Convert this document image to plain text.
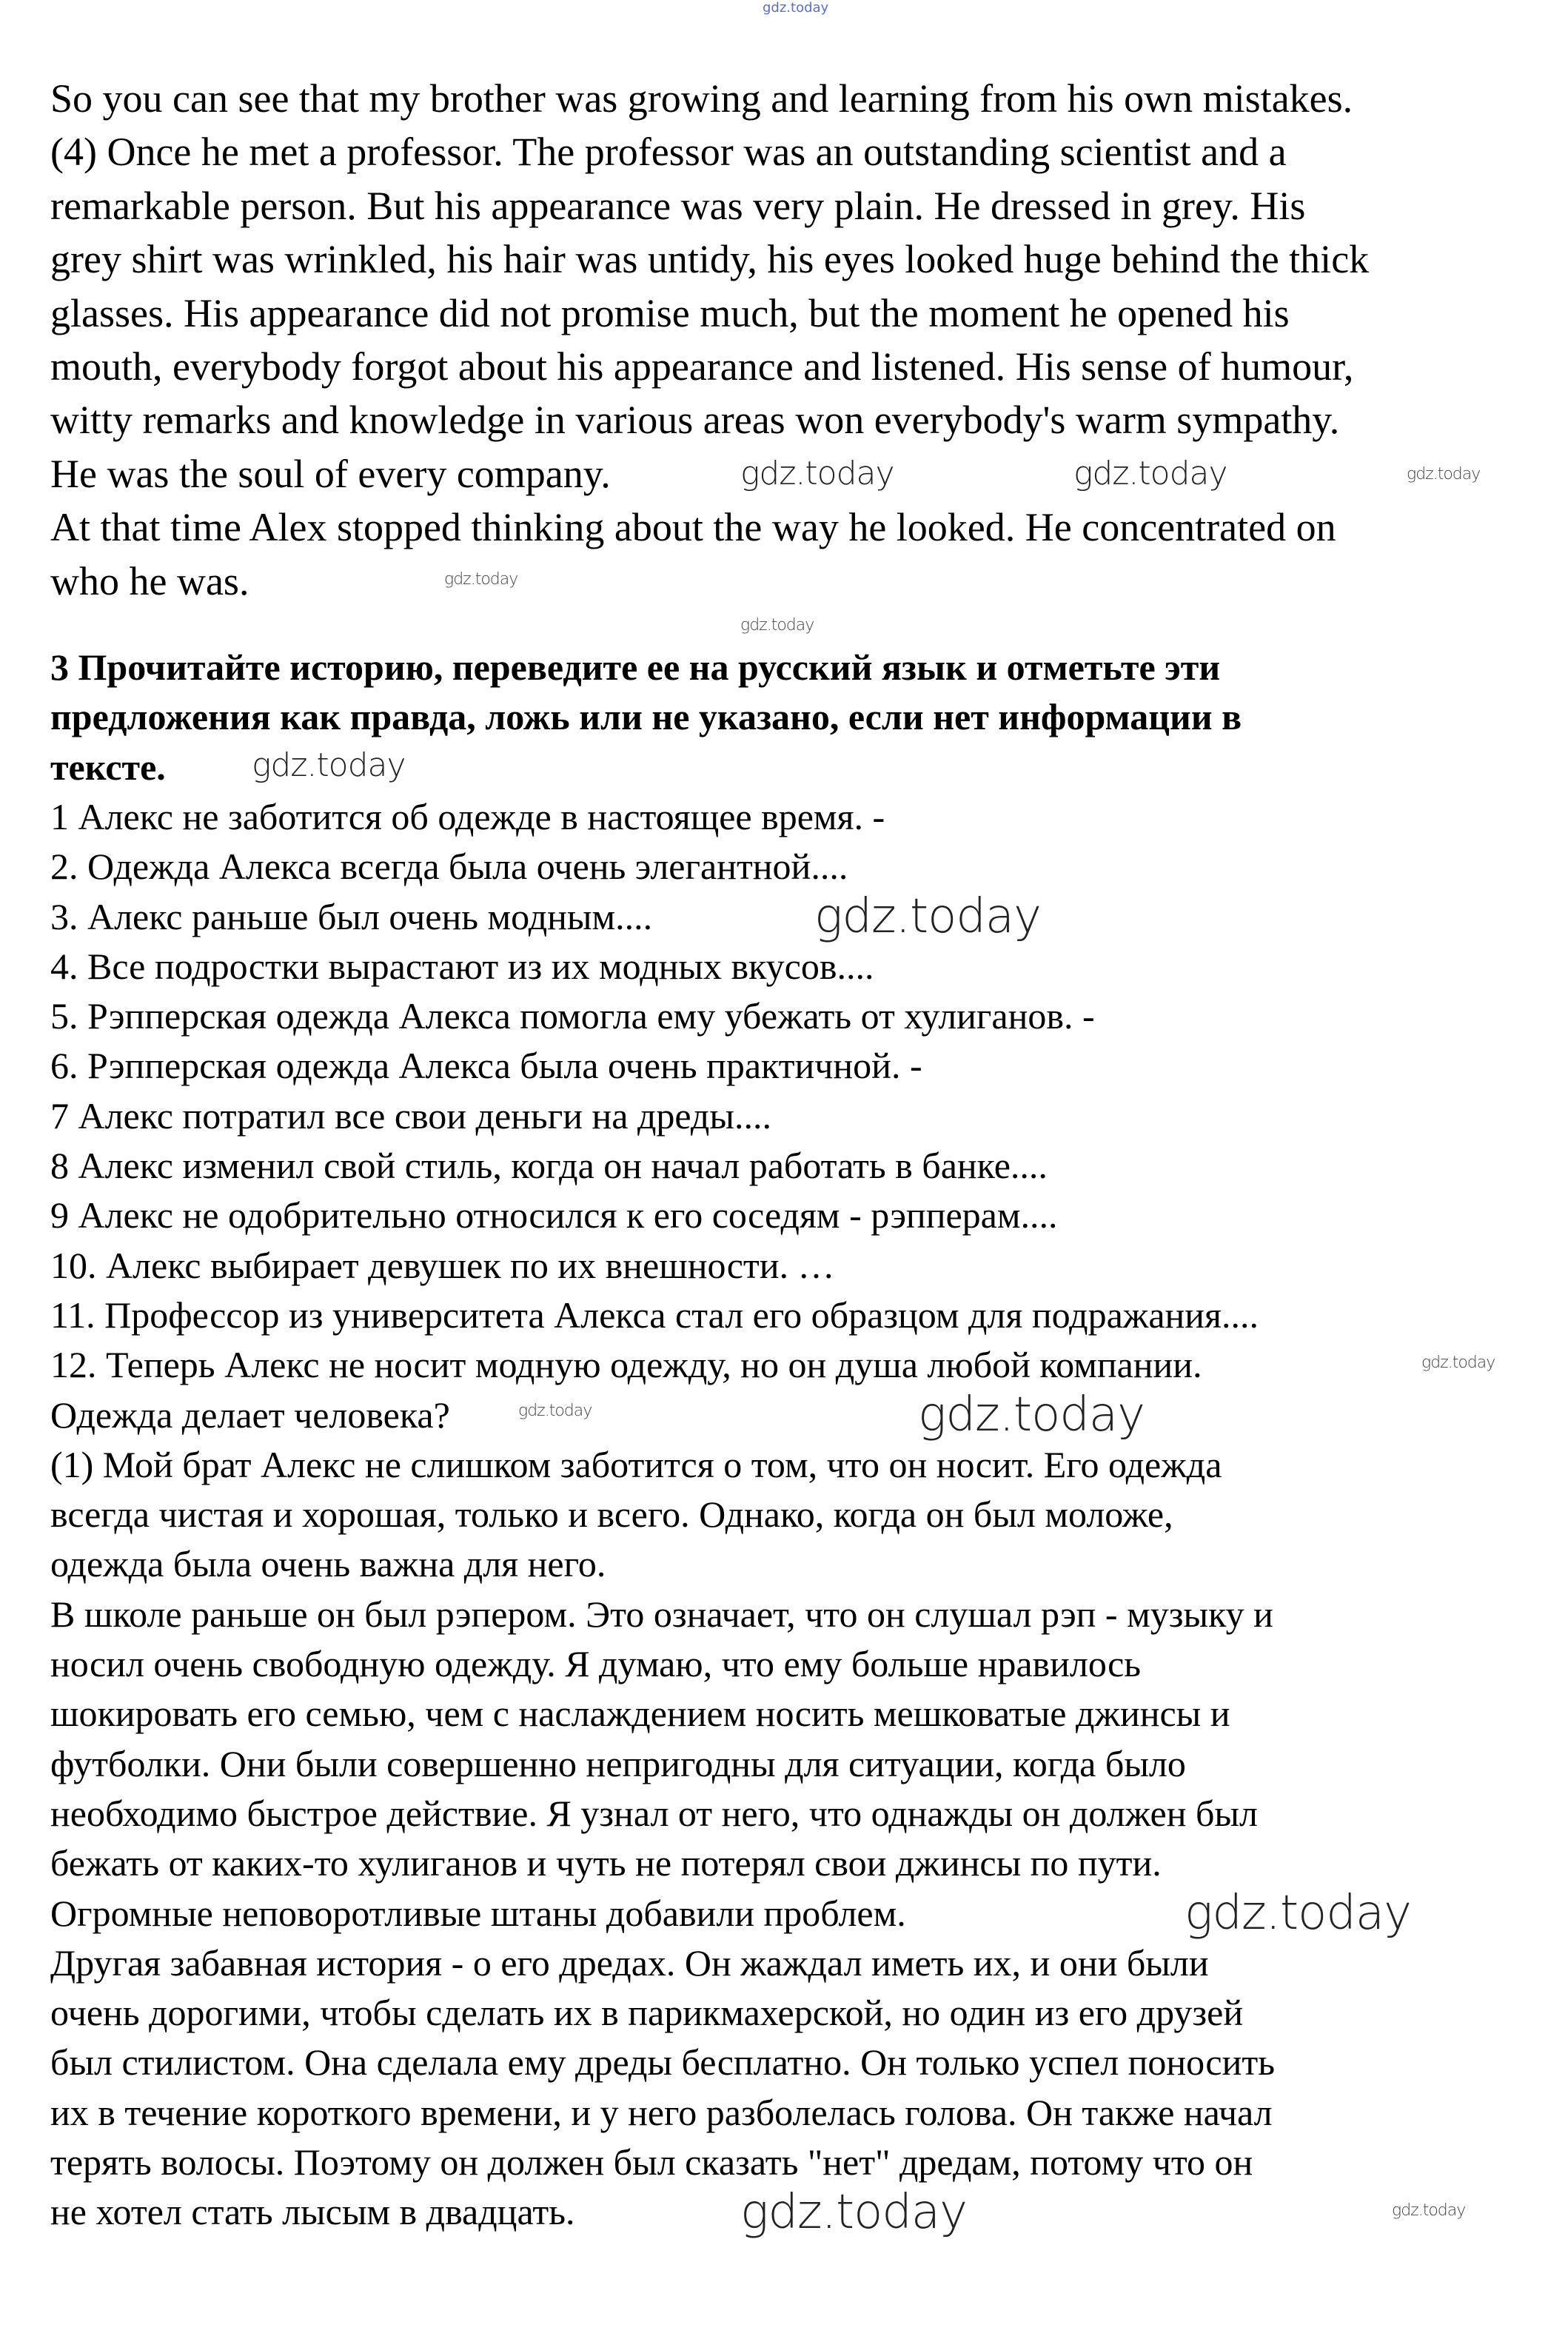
gdz.today
So you can see that my brother was growing and learning from his own mistakes.
(4) Once he met a professor. The professor was an outstanding scientist and a
remarkable person. But his appearance was very plain. He dressed in grey. His
grey shirt was wrinkled, his hair was untidy, his eyes looked huge behind the thick
glasses. His appearance did not promise much, but the moment he opened his
mouth, everybody forgot about his appearance and listened. His sense of humour,
witty remarks and knowledge in various areas won everybody's warm sympathy.
He was the soul of every company.
At that time Alex stopped thinking about the way he looked. He concentrated on
who he was.
3 Прочитайте историю, переведите ее на русский язык и отметьте эти
предложения как правда, ложь или не указано, если нет информации в
тексте.
1 Алекс не заботится об одежде в настоящее время. -
2. Одежда Алекса всегда была очень элегантной....
3. Алекс раньше был очень модным....
4. Все подростки вырастают из их модных вкусов....
5. Рэпперская одежда Алекса помогла ему убежать от хулиганов. -
6. Рэпперская одежда Алекса была очень практичной. -
7 Алекс потратил все свои деньги на дреды....
8 Алекс изменил свой стиль, когда он начал работать в банке....
9 Алекс не одобрительно относился к его соседям - рэпперам....
10. Алекс выбирает девушек по их внешности. …
11. Профессор из университета Алекса стал его образцом для подражания....
12. Теперь Алекс не носит модную одежду, но он душа любой компании.
Одежда делает человека?
(1) Мой брат Алекс не слишком заботится о том, что он носит. Его одежда
всегда чистая и хорошая, только и всего. Однако, когда он был моложе,
одежда была очень важна для него.
В школе раньше он был рэпером. Это означает, что он слушал рэп - музыку и
носил очень свободную одежду. Я думаю, что ему больше нравилось
шокировать его семью, чем с наслаждением носить мешковатые джинсы и
футболки. Они были совершенно непригодны для ситуации, когда было
необходимо быстрое действие. Я узнал от него, что однажды он должен был
бежать от каких-то хулиганов и чуть не потерял свои джинсы по пути.
Огромные неповоротливые штаны добавили проблем.
Другая забавная история - о его дредах. Он жаждал иметь их, и они были
очень дорогими, чтобы сделать их в парикмахерской, но один из его друзей
был стилистом. Она сделала ему дреды бесплатно. Он только успел поносить
их в течение короткого времени, и у него разболелась голова. Он также начал
терять волосы. Поэтому он должен был сказать "нет" дредам, потому что он
не хотел стать лысым в двадцать.
gdz.today	gdz.today	gdz.today
gdz.today
gdz.today
gdz.today
gdz.today
gdz.today
gdz.today	gdz.today
gdz.today
gdz.today	gdz.today
